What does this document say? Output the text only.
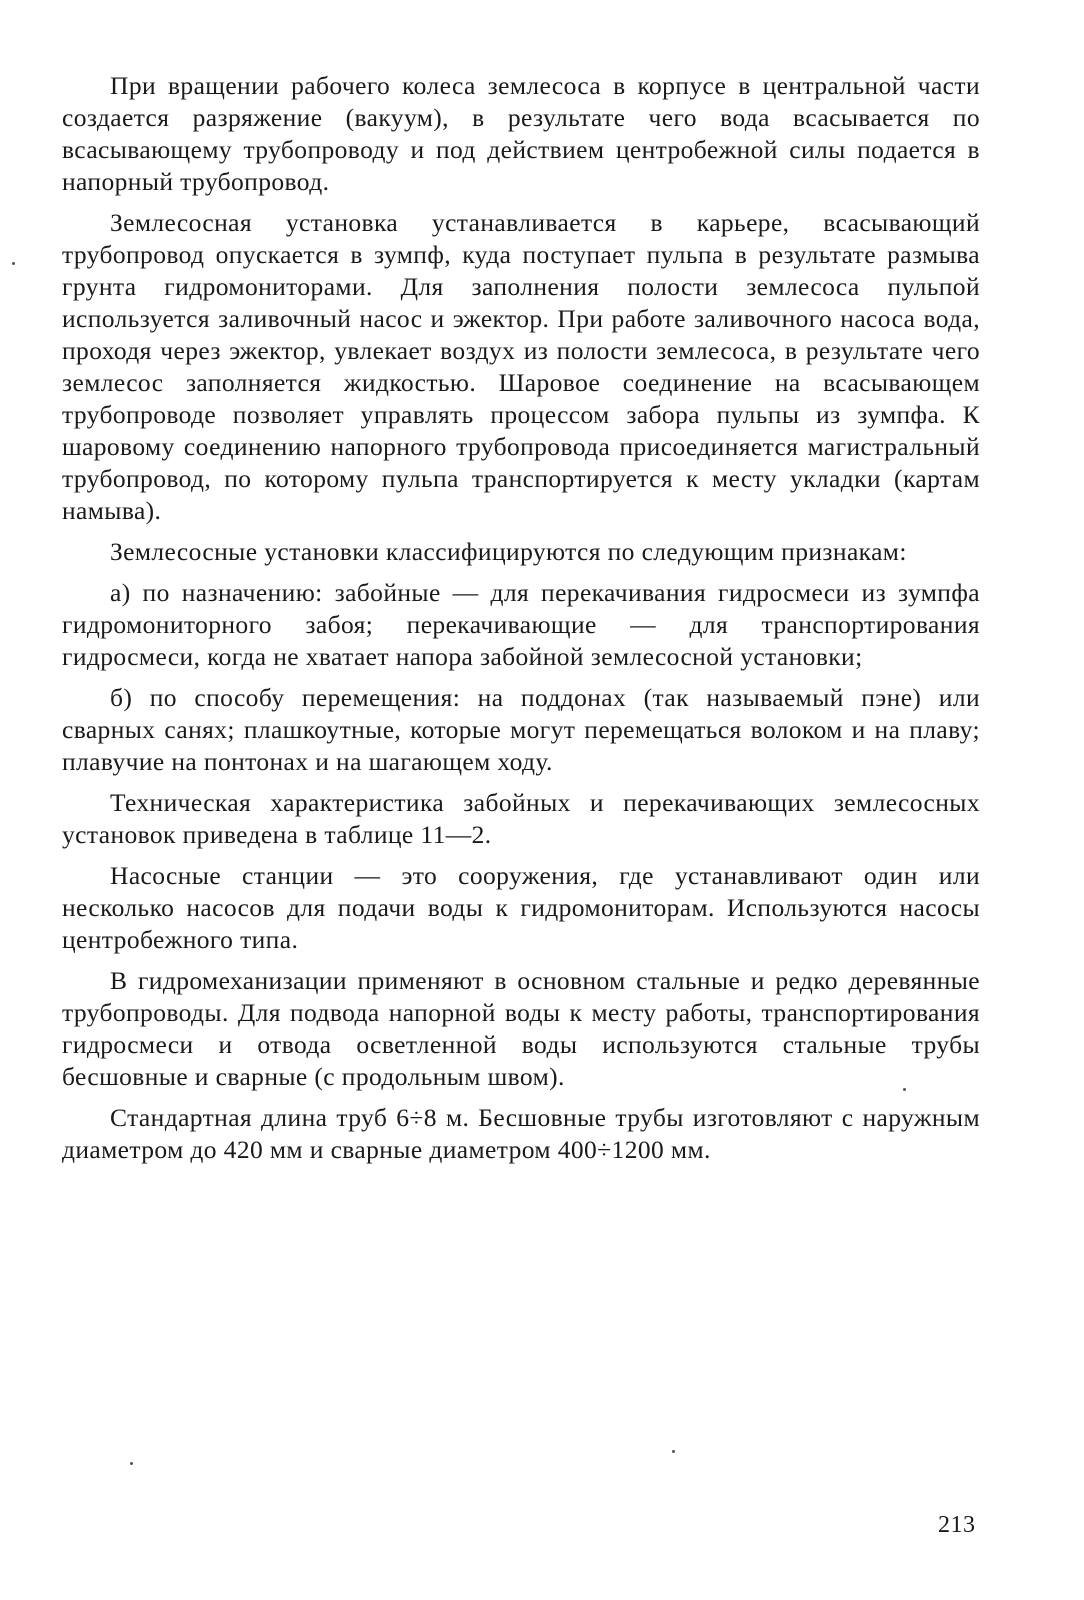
При вращении рабочего колеса землесоса в корпусе в центральной части создается разряжение (вакуум), в результате чего вода всасывается по всасывающему трубопроводу и под действием центробежной силы подается в напорный трубопровод.

Землесосная установка устанавливается в карьере, всасывающий трубопровод опускается в зумпф, куда поступает пульпа в результате размыва грунта гидромониторами. Для заполнения полости землесоса пульпой используется заливочный насос и эжектор. При работе заливочного насоса вода, проходя через эжектор, увлекает воздух из полости землесоса, в результате чего землесос заполняется жидкостью. Шаровое соединение на всасывающем трубопроводе позволяет управлять процессом забора пульпы из зумпфа. К шаровому соединению напорного трубопровода присоединяется магистральный трубопровод, по которому пульпа транспортируется к месту укладки (картам намыва).

Землесосные установки классифицируются по следующим признакам:

а) по назначению: забойные — для перекачивания гидросмеси из зумпфа гидромониторного забоя; перекачивающие — для транспортирования гидросмеси, когда не хватает напора забойной землесосной установки;

б) по способу перемещения: на поддонах (так называемый пэне) или сварных санях; плашкоутные, которые могут перемещаться волоком и на плаву; плавучие на понтонах и на шагающем ходу.

Техническая характеристика забойных и перекачивающих землесосных установок приведена в таблице 11—2.

Насосные станции — это сооружения, где устанавливают один или несколько насосов для подачи воды к гидромониторам. Используются насосы центробежного типа.

В гидромеханизации применяют в основном стальные и редко деревянные трубопроводы. Для подвода напорной воды к месту работы, транспортирования гидросмеси и отвода осветленной воды используются стальные трубы бесшовные и сварные (с продольным швом).

Стандартная длина труб 6÷8 м. Бесшовные трубы изготовляют с наружным диаметром до 420 мм и сварные диаметром 400÷1200 мм.

213
